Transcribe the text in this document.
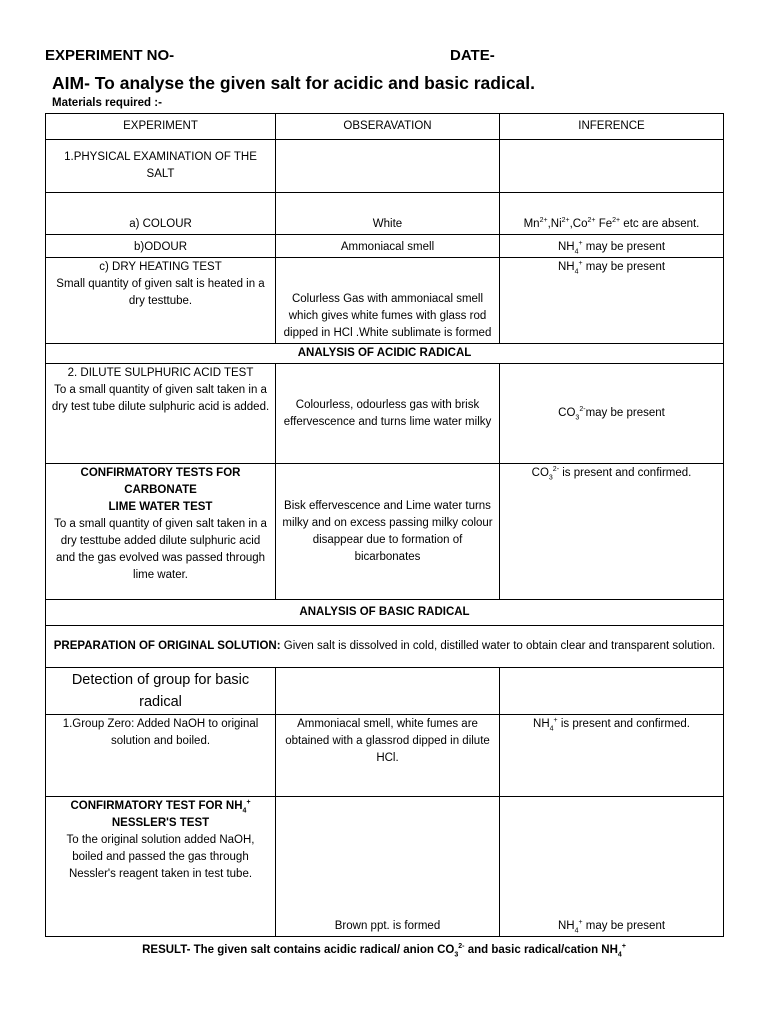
EXPERIMENT NO-	DATE-
AIM- To analyse the given salt for acidic and basic radical.
Materials required :-
EXPERIMENT	OBSERAVATION	INFERENCE
1.PHYSICAL EXAMINATION OF THE SALT		
a) COLOUR	White	$Mn^{2+},Ni^{2+},Co^{2+}$ $Fe^{2+}$ etc are absent.
b)ODOUR	Ammoniacal smell	$NH_4^+$ may be present

c) DRY HEATING TEST
Small quantity of given salt is heated in a dry testtube.	Colurless Gas with ammoniacal smell which gives white fumes with glass rod dipped in HCl .White sublimate is formed	$NH_4^+$ may be present
ANALYSIS OF ACIDIC RADICAL		

2. DILUTE SULPHURIC ACID TEST
To a small quantity of given salt taken in a dry test tube dilute sulphuric acid is added.	Colourless, odourless gas with brisk effervescence and turns lime water milky	$CO_3^{2-}may$ be present

CONFIRMATORY TESTS FOR CARBONATE
LIME WATER TEST
To a small quantity of given salt taken in a dry testtube added dilute sulphuric acid and the gas evolved was passed through lime water.	Bisk effervescence and Lime water turns milky and on excess passing milky colour disappear due to formation of bicarbonates	$CO_3^{2-}$ is present and confirmed.
ANALYSIS OF BASIC RADICAL		
PREPARATION OF ORIGINAL SOLUTION: Given salt is dissolved in cold, distilled water to obtain clear and transparent solution.		
Detection of group for basic radical		
1.Group Zero: Added NaOH to original solution and boiled.	Ammoniacal smell, white fumes are obtained with a glassrod dipped in dilute HCl.	$NH_4^+$ is present and confirmed.

CONFIRMATORY TEST FOR $NH_4^+$
NESSLER'S TEST
To the original solution added NaOH, boiled and passed the gas through Nessler's reagent taken in test tube.	Brown ppt. is formed	$NH_4^+$ may be present
RESULT- The given salt contains acidic radical/ anion $CO_3^{2-}$ and basic radical/cation $NH_4^+$
